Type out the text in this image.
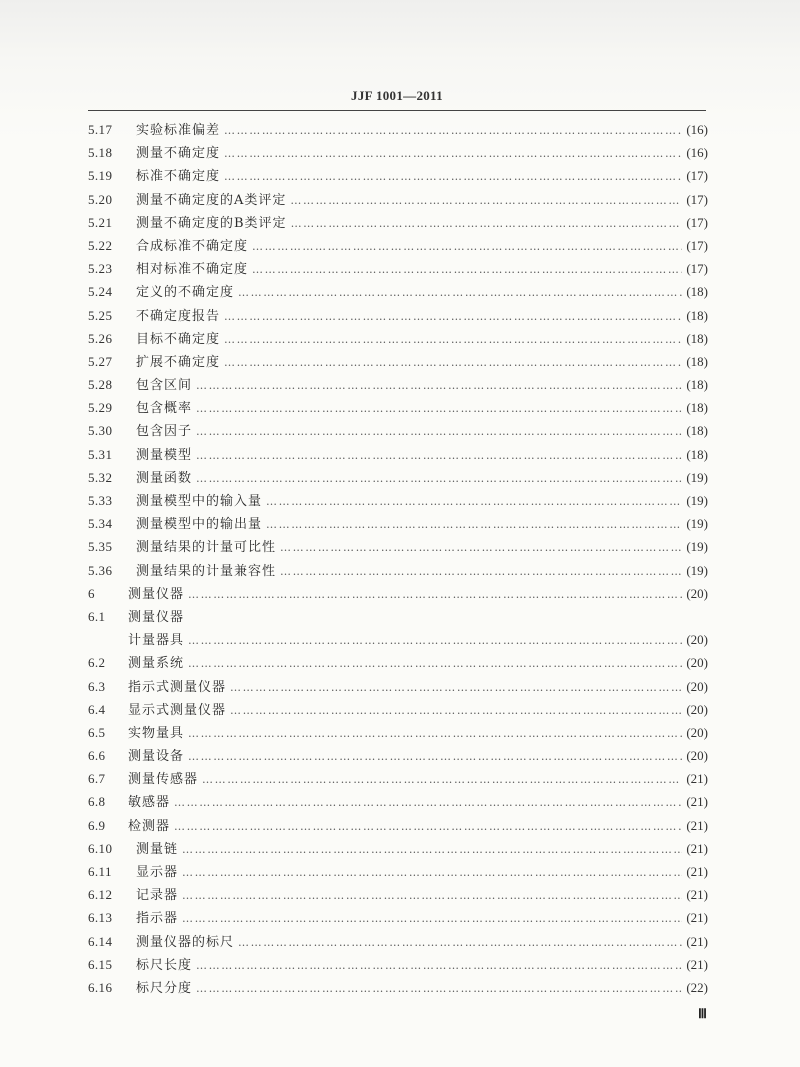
JJF 1001—2011
5.17	实验标准偏差 ………………………………………………………………………………………………………………………………………………………………………………	(16)
5.18	测量不确定度 ………………………………………………………………………………………………………………………………………………………………………………	(16)
5.19	标准不确定度 ………………………………………………………………………………………………………………………………………………………………………………	(17)
5.20	测量不确定度的A类评定 ………………………………………………………………………………………………………………………………………………………………………………	(17)
5.21	测量不确定度的B类评定 ………………………………………………………………………………………………………………………………………………………………………………	(17)
5.22	合成标准不确定度 ………………………………………………………………………………………………………………………………………………………………………………	(17)
5.23	相对标准不确定度 ………………………………………………………………………………………………………………………………………………………………………………	(17)
5.24	定义的不确定度 ………………………………………………………………………………………………………………………………………………………………………………	(18)
5.25	不确定度报告 ………………………………………………………………………………………………………………………………………………………………………………	(18)
5.26	目标不确定度 ………………………………………………………………………………………………………………………………………………………………………………	(18)
5.27	扩展不确定度 ………………………………………………………………………………………………………………………………………………………………………………	(18)
5.28	包含区间 ………………………………………………………………………………………………………………………………………………………………………………	(18)
5.29	包含概率 ………………………………………………………………………………………………………………………………………………………………………………	(18)
5.30	包含因子 ………………………………………………………………………………………………………………………………………………………………………………	(18)
5.31	测量模型 ………………………………………………………………………………………………………………………………………………………………………………	(18)
5.32	测量函数 ………………………………………………………………………………………………………………………………………………………………………………	(19)
5.33	测量模型中的输入量 ………………………………………………………………………………………………………………………………………………………………………………	(19)
5.34	测量模型中的输出量 ………………………………………………………………………………………………………………………………………………………………………………	(19)
5.35	测量结果的计量可比性 ………………………………………………………………………………………………………………………………………………………………………………	(19)
5.36	测量结果的计量兼容性 ………………………………………………………………………………………………………………………………………………………………………………	(19)
6	测量仪器 ………………………………………………………………………………………………………………………………………………………………………………	(20)
6.1	测量仪器
计量器具 ………………………………………………………………………………………………………………………………………………………………………………	(20)
6.2	测量系统 ………………………………………………………………………………………………………………………………………………………………………………	(20)
6.3	指示式测量仪器 ………………………………………………………………………………………………………………………………………………………………………………	(20)
6.4	显示式测量仪器 ………………………………………………………………………………………………………………………………………………………………………………	(20)
6.5	实物量具 ………………………………………………………………………………………………………………………………………………………………………………	(20)
6.6	测量设备 ………………………………………………………………………………………………………………………………………………………………………………	(20)
6.7	测量传感器 ………………………………………………………………………………………………………………………………………………………………………………	(21)
6.8	敏感器 ………………………………………………………………………………………………………………………………………………………………………………	(21)
6.9	检测器 ………………………………………………………………………………………………………………………………………………………………………………	(21)
6.10	测量链 ………………………………………………………………………………………………………………………………………………………………………………	(21)
6.11	显示器 ………………………………………………………………………………………………………………………………………………………………………………	(21)
6.12	记录器 ………………………………………………………………………………………………………………………………………………………………………………	(21)
6.13	指示器 ………………………………………………………………………………………………………………………………………………………………………………	(21)
6.14	测量仪器的标尺 ………………………………………………………………………………………………………………………………………………………………………………	(21)
6.15	标尺长度 ………………………………………………………………………………………………………………………………………………………………………………	(21)
6.16	标尺分度 ………………………………………………………………………………………………………………………………………………………………………………	(22)
Ⅲ
